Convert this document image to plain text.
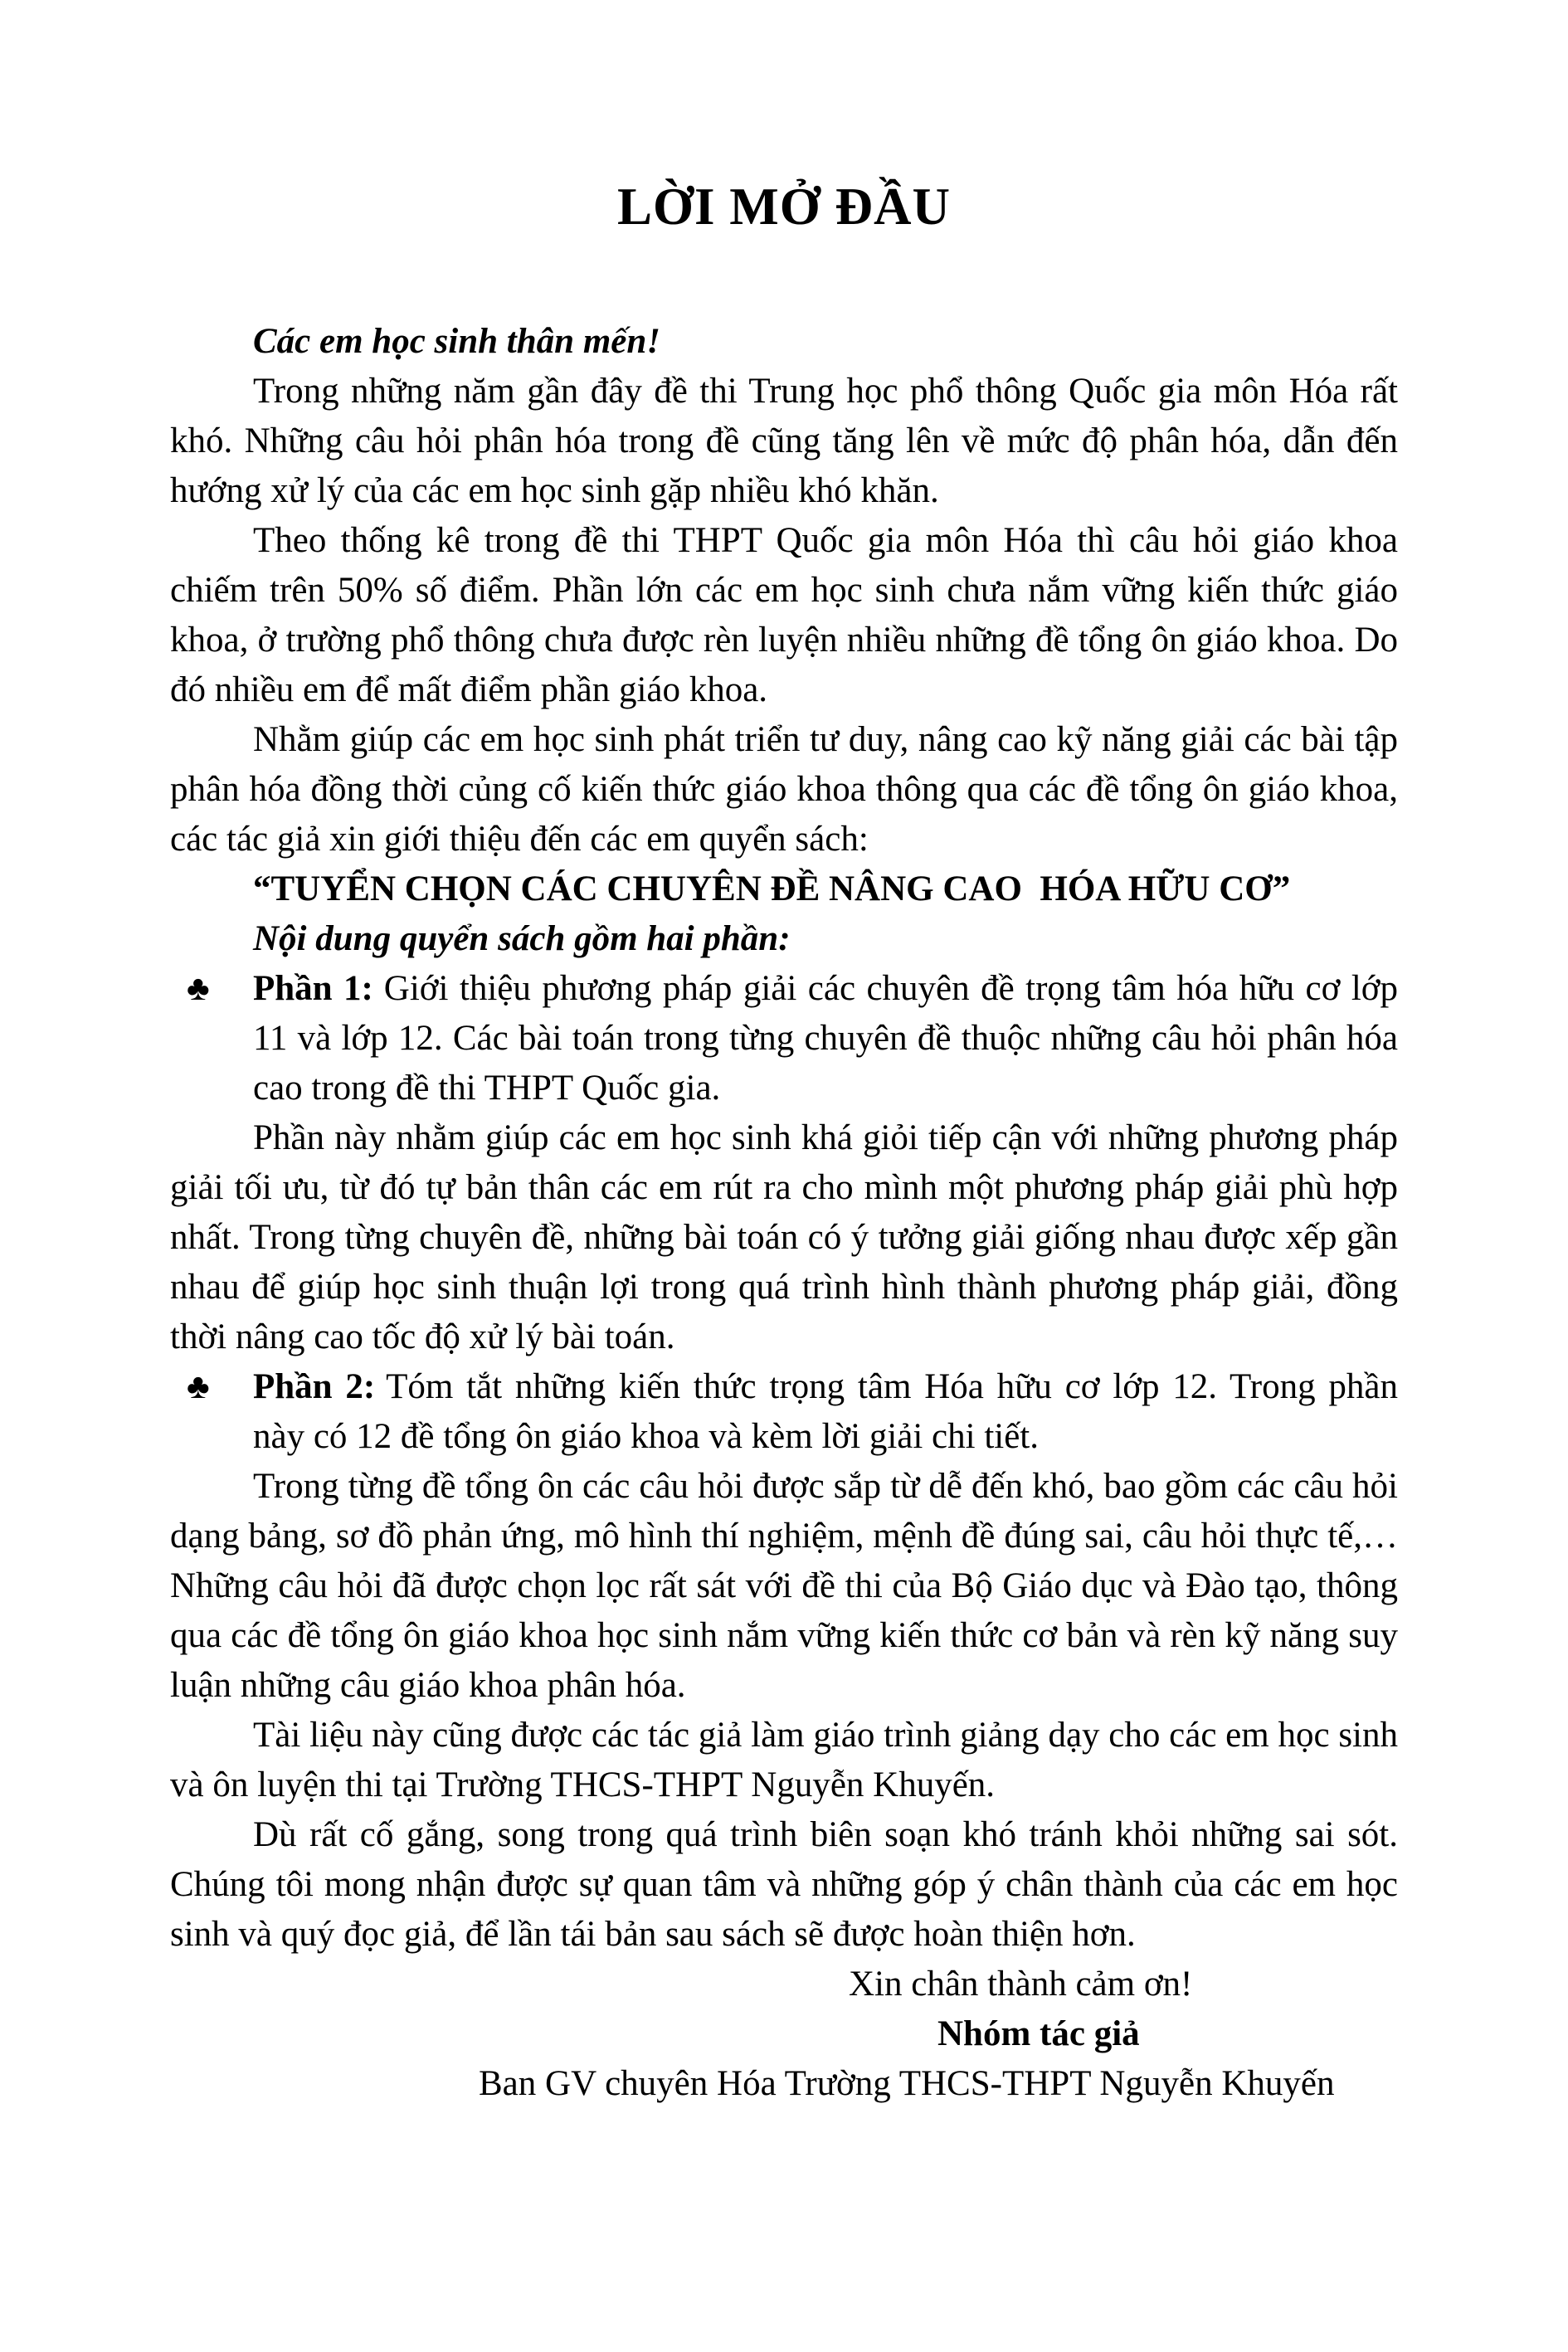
LỜI MỞ ĐẦU

Các em học sinh thân mến!

Trong những năm gần đây đề thi Trung học phổ thông Quốc gia môn Hóa rất khó. Những câu hỏi phân hóa trong đề cũng tăng lên về mức độ phân hóa, dẫn đến hướng xử lý của các em học sinh gặp nhiều khó khăn.

Theo thống kê trong đề thi THPT Quốc gia môn Hóa thì câu hỏi giáo khoa chiếm trên 50% số điểm. Phần lớn các em học sinh chưa nắm vững kiến thức giáo khoa, ở trường phổ thông chưa được rèn luyện nhiều những đề tổng ôn giáo khoa. Do đó nhiều em để mất điểm phần giáo khoa.

Nhằm giúp các em học sinh phát triển tư duy, nâng cao kỹ năng giải các bài tập phân hóa đồng thời củng cố kiến thức giáo khoa thông qua các đề tổng ôn giáo khoa, các tác giả xin giới thiệu đến các em quyển sách:

“TUYỂN CHỌN CÁC CHUYÊN ĐỀ NÂNG CAO  HÓA HỮU CƠ”

Nội dung quyển sách gồm hai phần:

♣ Phần 1: Giới thiệu phương pháp giải các chuyên đề trọng tâm hóa hữu cơ lớp 11 và lớp 12. Các bài toán trong từng chuyên đề thuộc những câu hỏi phân hóa cao trong đề thi THPT Quốc gia.

Phần này nhằm giúp các em học sinh khá giỏi tiếp cận với những phương pháp giải tối ưu, từ đó tự bản thân các em rút ra cho mình một phương pháp giải phù hợp nhất. Trong từng chuyên đề, những bài toán có ý tưởng giải giống nhau được xếp gần nhau để giúp học sinh thuận lợi trong quá trình hình thành phương pháp giải, đồng thời nâng cao tốc độ xử lý bài toán.

♣ Phần 2: Tóm tắt những kiến thức trọng tâm Hóa hữu cơ lớp 12. Trong phần này có 12 đề tổng ôn giáo khoa và kèm lời giải chi tiết.

Trong từng đề tổng ôn các câu hỏi được sắp từ dễ đến khó, bao gồm các câu hỏi dạng bảng, sơ đồ phản ứng, mô hình thí nghiệm, mệnh đề đúng sai, câu hỏi thực tế,… Những câu hỏi đã được chọn lọc rất sát với đề thi của Bộ Giáo dục và Đào tạo, thông qua các đề tổng ôn giáo khoa học sinh nắm vững kiến thức cơ bản và rèn kỹ năng suy luận những câu giáo khoa phân hóa.

Tài liệu này cũng được các tác giả làm giáo trình giảng dạy cho các em học sinh và ôn luyện thi tại Trường THCS-THPT Nguyễn Khuyến.

Dù rất cố gắng, song trong quá trình biên soạn khó tránh khỏi những sai sót. Chúng tôi mong nhận được sự quan tâm và những góp ý chân thành của các em học sinh và quý đọc giả, để lần tái bản sau sách sẽ được hoàn thiện hơn.

Xin chân thành cảm ơn!

Nhóm tác giả

Ban GV chuyên Hóa Trường THCS-THPT Nguyễn Khuyến
